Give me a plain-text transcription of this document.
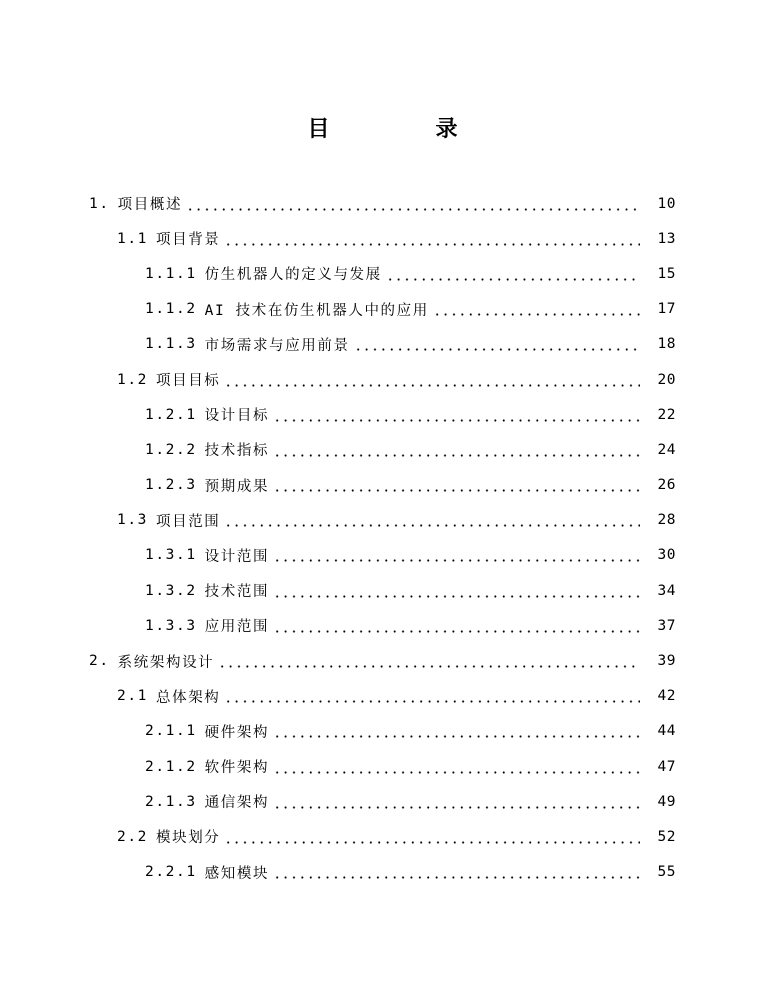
目　录
1. 项目概述	10
1.1 项目背景	13
1.1.1 仿生机器人的定义与发展	15
1.1.2 AI 技术在仿生机器人中的应用	17
1.1.3 市场需求与应用前景	18
1.2 项目目标	20
1.2.1 设计目标	22
1.2.2 技术指标	24
1.2.3 预期成果	26
1.3 项目范围	28
1.3.1 设计范围	30
1.3.2 技术范围	34
1.3.3 应用范围	37
2. 系统架构设计	39
2.1 总体架构	42
2.1.1 硬件架构	44
2.1.2 软件架构	47
2.1.3 通信架构	49
2.2 模块划分	52
2.2.1 感知模块	55
